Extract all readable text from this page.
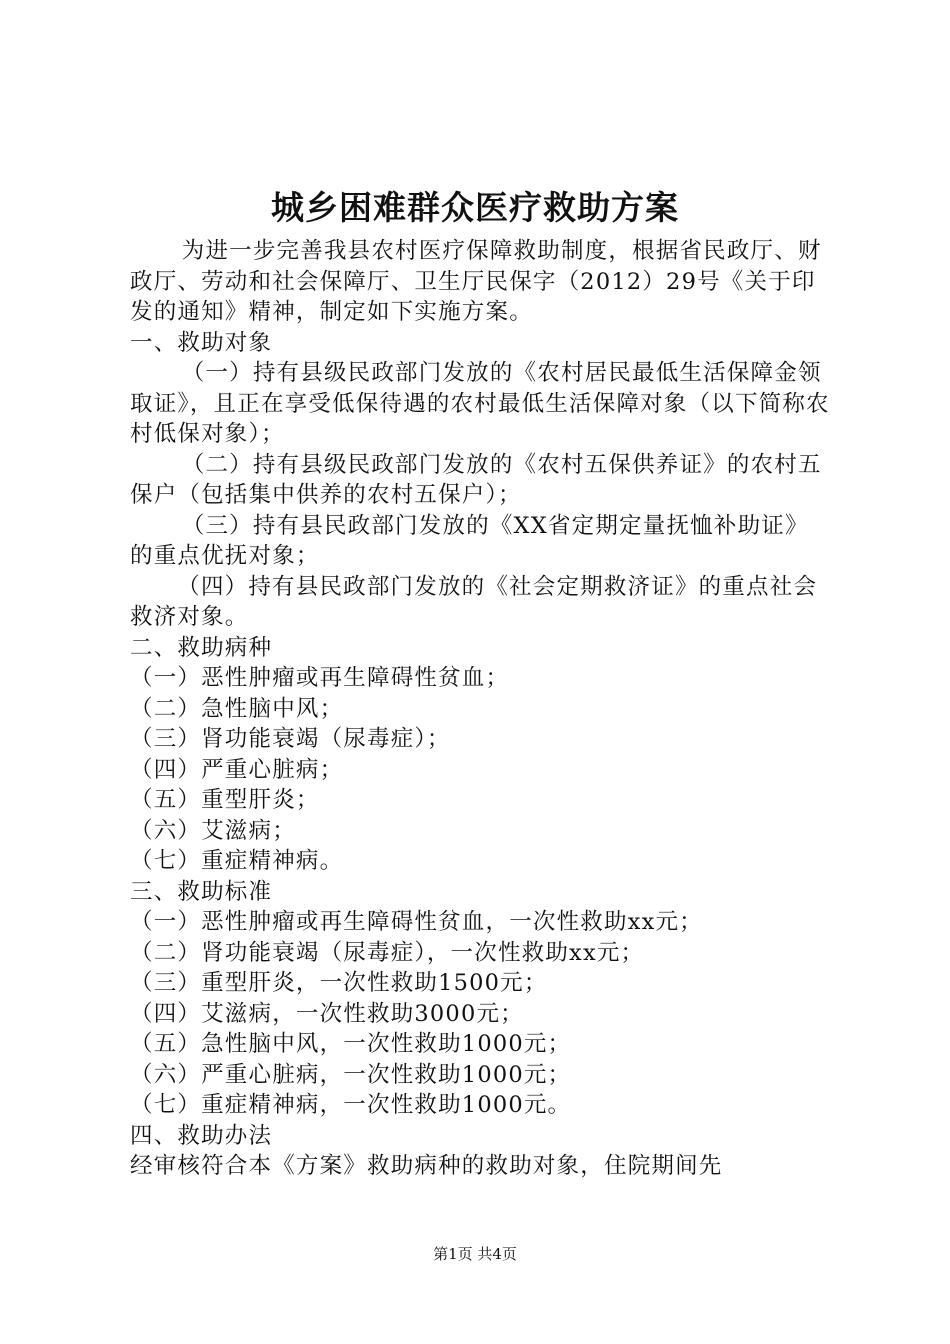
城乡困难群众医疗救助方案

为进一步完善我县农村医疗保障救助制度，根据省民政厅、财政厅、劳动和社会保障厅、卫生厅民保字（2012）29号《关于印发的通知》精神，制定如下实施方案。

一、救助对象

（一）持有县级民政部门发放的《农村居民最低生活保障金领取证》，且正在享受低保待遇的农村最低生活保障对象（以下简称农村低保对象）；

（二）持有县级民政部门发放的《农村五保供养证》的农村五保户（包括集中供养的农村五保户）；

（三）持有县民政部门发放的《XX省定期定量抚恤补助证》的重点优抚对象；

（四）持有县民政部门发放的《社会定期救济证》的重点社会救济对象。

二、救助病种

（一）恶性肿瘤或再生障碍性贫血；

（二）急性脑中风；

（三）肾功能衰竭（尿毒症）；

（四）严重心脏病；

（五）重型肝炎；

（六）艾滋病；

（七）重症精神病。

三、救助标准

（一）恶性肿瘤或再生障碍性贫血，一次性救助xx元；

（二）肾功能衰竭（尿毒症），一次性救助xx元；

（三）重型肝炎，一次性救助1500元；

（四）艾滋病，一次性救助3000元；

（五）急性脑中风，一次性救助1000元；

（六）严重心脏病，一次性救助1000元；

（七）重症精神病，一次性救助1000元。

四、救助办法

经审核符合本《方案》救助病种的救助对象，住院期间先

第1页 共4页
